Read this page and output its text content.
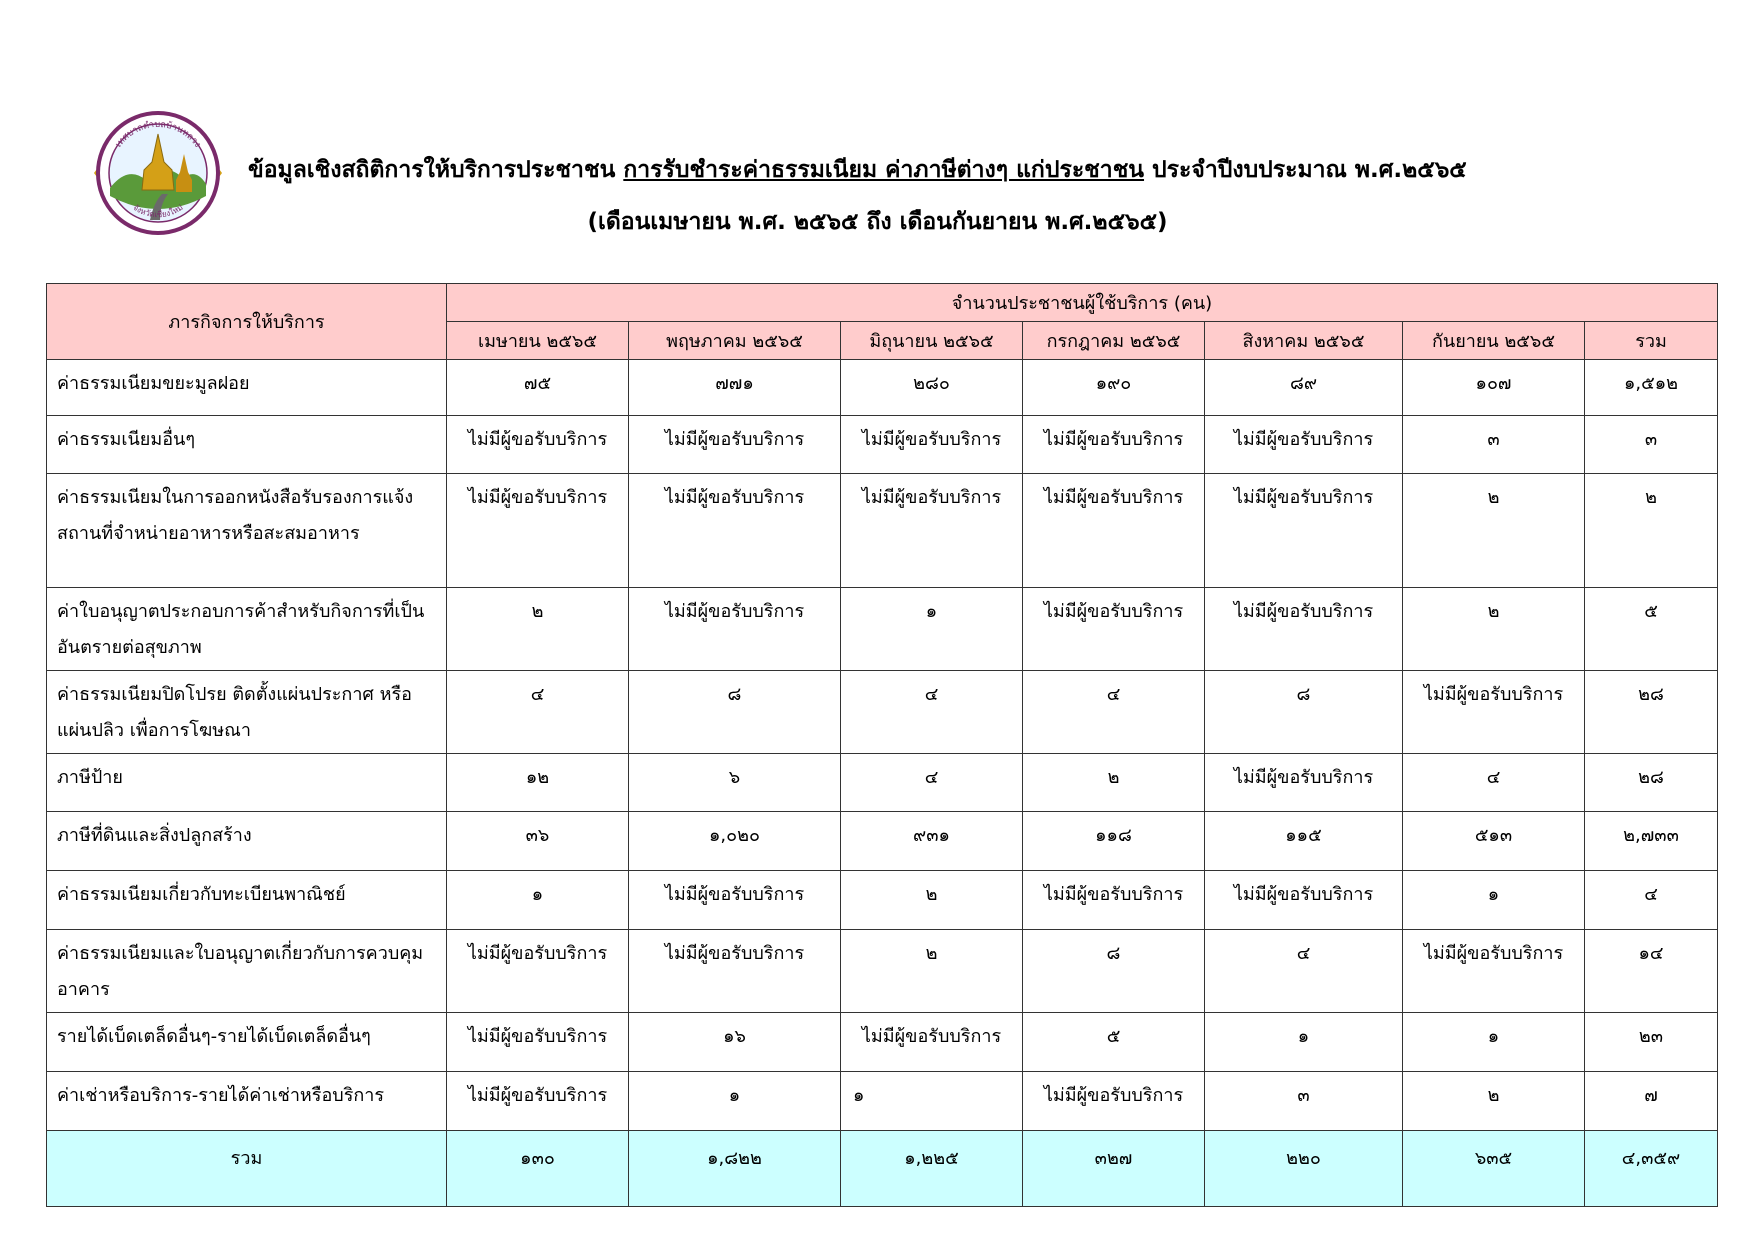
เทศบาลตำบลบ้านหลวง
จังหวัดเชียงใหม่
ข้อมูลเชิงสถิติการให้บริการประชาชน การรับชำระค่าธรรมเนียม ค่าภาษีต่างๆ แก่ประชาชน ประจำปีงบประมาณ พ.ศ.๒๕๖๕
(เดือนเมษายน พ.ศ. ๒๕๖๕ ถึง เดือนกันยายน พ.ศ.๒๕๖๕)
ภารกิจการให้บริการ	จำนวนประชาชนผู้ใช้บริการ (คน)						
	เมษายน ๒๕๖๕	พฤษภาคม ๒๕๖๕	มิถุนายน ๒๕๖๕	กรกฎาคม ๒๕๖๕	สิงหาคม ๒๕๖๕	กันยายน ๒๕๖๕	รวม
ค่าธรรมเนียมขยะมูลฝอย	๗๕	๗๗๑	๒๘๐	๑๙๐	๘๙	๑๐๗	๑,๕๑๒
ค่าธรรมเนียมอื่นๆ	ไม่มีผู้ขอรับบริการ	ไม่มีผู้ขอรับบริการ	ไม่มีผู้ขอรับบริการ	ไม่มีผู้ขอรับบริการ	ไม่มีผู้ขอรับบริการ	๓	๓
ค่าธรรมเนียมในการออกหนังสือรับรองการแจ้งสถานที่จำหน่ายอาหารหรือสะสมอาหาร	ไม่มีผู้ขอรับบริการ	ไม่มีผู้ขอรับบริการ	ไม่มีผู้ขอรับบริการ	ไม่มีผู้ขอรับบริการ	ไม่มีผู้ขอรับบริการ	๒	๒
ค่าใบอนุญาตประกอบการค้าสำหรับกิจการที่เป็นอันตรายต่อสุขภาพ	๒	ไม่มีผู้ขอรับบริการ	๑	ไม่มีผู้ขอรับบริการ	ไม่มีผู้ขอรับบริการ	๒	๕
ค่าธรรมเนียมปิดโปรย ติดตั้งแผ่นประกาศ หรือ แผ่นปลิว เพื่อการโฆษณา	๔	๘	๔	๔	๘	ไม่มีผู้ขอรับบริการ	๒๘
ภาษีป้าย	๑๒	๖	๔	๒	ไม่มีผู้ขอรับบริการ	๔	๒๘
ภาษีที่ดินและสิ่งปลูกสร้าง	๓๖	๑,๐๒๐	๙๓๑	๑๑๘	๑๑๕	๕๑๓	๒,๗๓๓
ค่าธรรมเนียมเกี่ยวกับทะเบียนพาณิชย์	๑	ไม่มีผู้ขอรับบริการ	๒	ไม่มีผู้ขอรับบริการ	ไม่มีผู้ขอรับบริการ	๑	๔
ค่าธรรมเนียมและใบอนุญาตเกี่ยวกับการควบคุมอาคาร	ไม่มีผู้ขอรับบริการ	ไม่มีผู้ขอรับบริการ	๒	๘	๔	ไม่มีผู้ขอรับบริการ	๑๔
รายได้เบ็ดเตล็ดอื่นๆ-รายได้เบ็ดเตล็ดอื่นๆ	ไม่มีผู้ขอรับบริการ	๑๖	ไม่มีผู้ขอรับบริการ	๕	๑	๑	๒๓
ค่าเช่าหรือบริการ-รายได้ค่าเช่าหรือบริการ	ไม่มีผู้ขอรับบริการ	๑	๑	ไม่มีผู้ขอรับบริการ	๓	๒	๗
รวม	๑๓๐	๑,๘๒๒	๑,๒๒๕	๓๒๗	๒๒๐	๖๓๕	๔,๓๕๙
